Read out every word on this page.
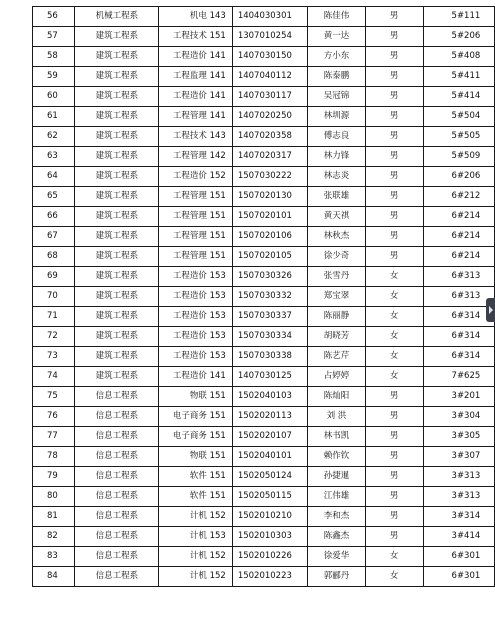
56	机械工程系	机电 143	1404030301	陈佳伟	男	5#111
57	建筑工程系	工程技术 151	1307010254	黄一达	男	5#206
58	建筑工程系	工程造价 141	1407030150	方小东	男	5#408
59	建筑工程系	工程监理 141	1407040112	陈泰鹏	男	5#411
60	建筑工程系	工程造价 141	1407030117	吴冠锦	男	5#414
61	建筑工程系	工程管理 141	1407020250	林圳源	男	5#504
62	建筑工程系	工程技术 143	1407020358	傅志良	男	5#505
63	建筑工程系	工程管理 142	1407020317	林力锋	男	5#509
64	建筑工程系	工程造价 152	1507030222	林志炎	男	6#206
65	建筑工程系	工程管理 151	1507020130	张联雄	男	6#212
66	建筑工程系	工程管理 151	1507020101	黄天祺	男	6#214
67	建筑工程系	工程管理 151	1507020106	林秋杰	男	6#214
68	建筑工程系	工程管理 151	1507020105	徐少奇	男	6#214
69	建筑工程系	工程造价 153	1507030326	张雪丹	女	6#313
70	建筑工程系	工程造价 153	1507030332	郑宝翠	女	6#313
71	建筑工程系	工程造价 153	1507030337	陈丽静	女	6#314
72	建筑工程系	工程造价 153	1507030334	胡晓芳	女	6#314
73	建筑工程系	工程造价 153	1507030338	陈艺芹	女	6#314
74	建筑工程系	工程造价 141	1407030125	占婷婷	女	7#625
75	信息工程系	物联 151	1502040103	陈灿阳	男	3#201
76	信息工程系	电子商务 151	1502020113	刘 洪	男	3#304
77	信息工程系	电子商务 151	1502020107	林书凯	男	3#305
78	信息工程系	物联 151	1502040101	赖作钦	男	3#307
79	信息工程系	软件 151	1502050124	孙捷暹	男	3#313
80	信息工程系	软件 151	1502050115	江伟雄	男	3#313
81	信息工程系	计机 152	1502010210	李和杰	男	3#314
82	信息工程系	计机 153	1502010303	陈鑫杰	男	3#414
83	信息工程系	计机 152	1502010226	徐爱华	女	6#301
84	信息工程系	计机 152	1502010223	郭郦丹	女	6#301
